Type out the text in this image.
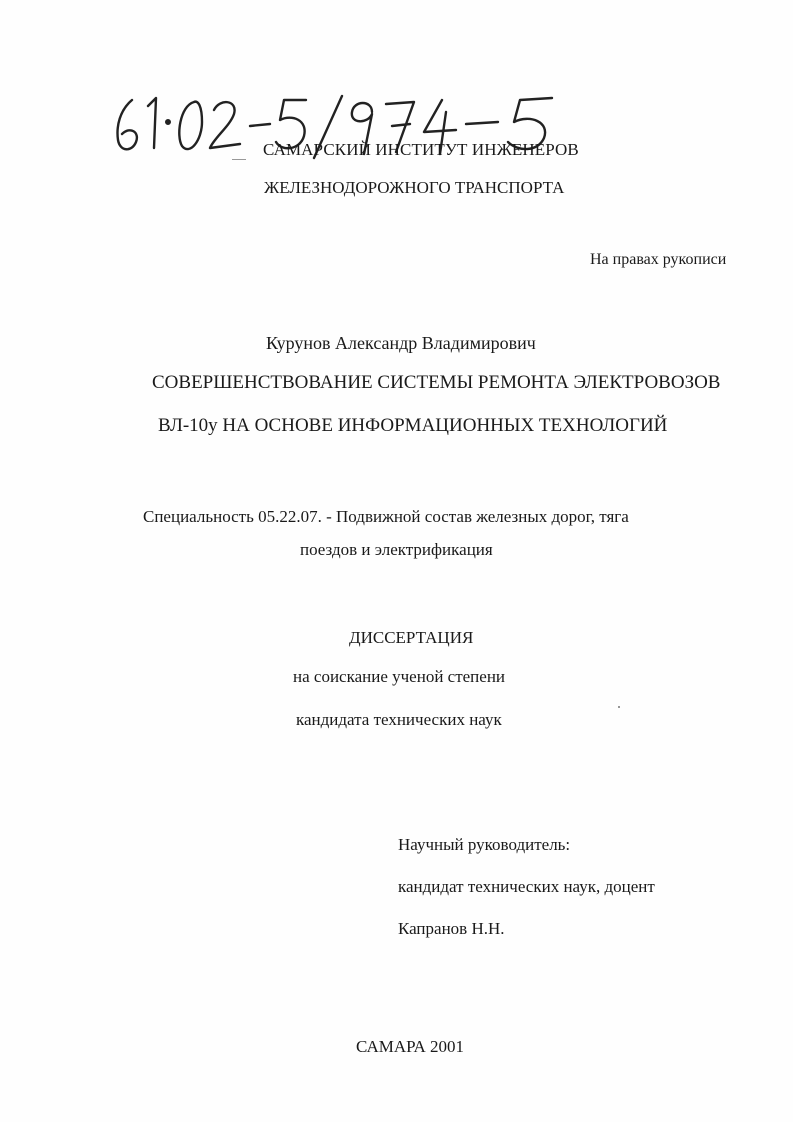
САМАРСКИЙ ИНСТИТУТ ИНЖЕНЕРОВ
ЖЕЛЕЗНОДОРОЖНОГО ТРАНСПОРТА
На правах рукописи
Курунов Александр Владимирович
СОВЕРШЕНСТВОВАНИЕ СИСТЕМЫ РЕМОНТА ЭЛЕКТРОВОЗОВ
ВЛ-10у НА ОСНОВЕ ИНФОРМАЦИОННЫХ ТЕХНОЛОГИЙ
Специальность 05.22.07. - Подвижной состав железных дорог, тяга
поездов и электрификация
ДИССЕРТАЦИЯ
на соискание ученой степени
кандидата технических наук
Научный руководитель:
кандидат технических наук, доцент
Капранов Н.Н.
САМАРА 2001
